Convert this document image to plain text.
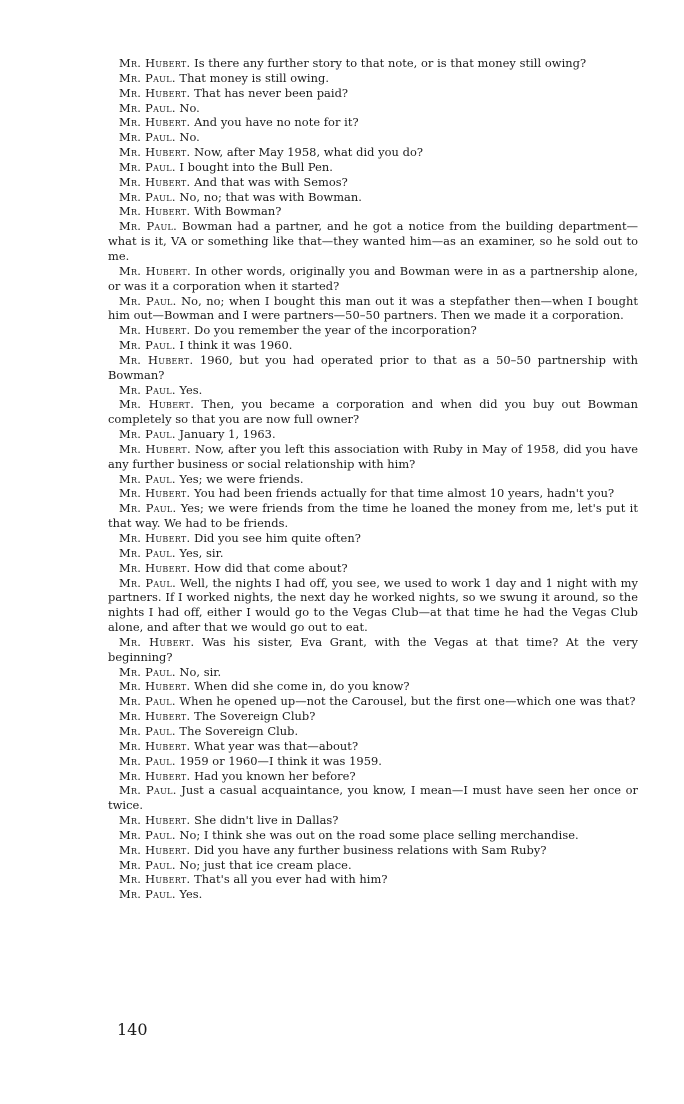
Mr. Hubert. Is there any further story to that note, or is that money still owing?

Mr. Paul. That money is still owing.

Mr. Hubert. That has never been paid?

Mr. Paul. No.

Mr. Hubert. And you have no note for it?

Mr. Paul. No.

Mr. Hubert. Now, after May 1958, what did you do?

Mr. Paul. I bought into the Bull Pen.

Mr. Hubert. And that was with Semos?

Mr. Paul. No, no; that was with Bowman.

Mr. Hubert. With Bowman?

Mr. Paul. Bowman had a partner, and he got a notice from the building department—what is it, VA or something like that—they wanted him—as an examiner, so he sold out to me.

Mr. Hubert. In other words, originally you and Bowman were in as a partnership alone, or was it a corporation when it started?

Mr. Paul. No, no; when I bought this man out it was a stepfather then—when I bought him out—Bowman and I were partners—50–50 partners. Then we made it a corporation.

Mr. Hubert. Do you remember the year of the incorporation?

Mr. Paul. I think it was 1960.

Mr. Hubert. 1960, but you had operated prior to that as a 50–50 partnership with Bowman?

Mr. Paul. Yes.

Mr. Hubert. Then, you became a corporation and when did you buy out Bowman completely so that you are now full owner?

Mr. Paul. January 1, 1963.

Mr. Hubert. Now, after you left this association with Ruby in May of 1958, did you have any further business or social relationship with him?

Mr. Paul. Yes; we were friends.

Mr. Hubert. You had been friends actually for that time almost 10 years, hadn't you?

Mr. Paul. Yes; we were friends from the time he loaned the money from me, let's put it that way. We had to be friends.

Mr. Hubert. Did you see him quite often?

Mr. Paul. Yes, sir.

Mr. Hubert. How did that come about?

Mr. Paul. Well, the nights I had off, you see, we used to work 1 day and 1 night with my partners. If I worked nights, the next day he worked nights, so we swung it around, so the nights I had off, either I would go to the Vegas Club—at that time he had the Vegas Club alone, and after that we would go out to eat.

Mr. Hubert. Was his sister, Eva Grant, with the Vegas at that time? At the very beginning?

Mr. Paul. No, sir.

Mr. Hubert. When did she come in, do you know?

Mr. Paul. When he opened up—not the Carousel, but the first one—which one was that?

Mr. Hubert. The Sovereign Club?

Mr. Paul. The Sovereign Club.

Mr. Hubert. What year was that—about?

Mr. Paul. 1959 or 1960—I think it was 1959.

Mr. Hubert. Had you known her before?

Mr. Paul. Just a casual acquaintance, you know, I mean—I must have seen her once or twice.

Mr. Hubert. She didn't live in Dallas?

Mr. Paul. No; I think she was out on the road some place selling merchandise.

Mr. Hubert. Did you have any further business relations with Sam Ruby?

Mr. Paul. No; just that ice cream place.

Mr. Hubert. That's all you ever had with him?

Mr. Paul. Yes.

140
